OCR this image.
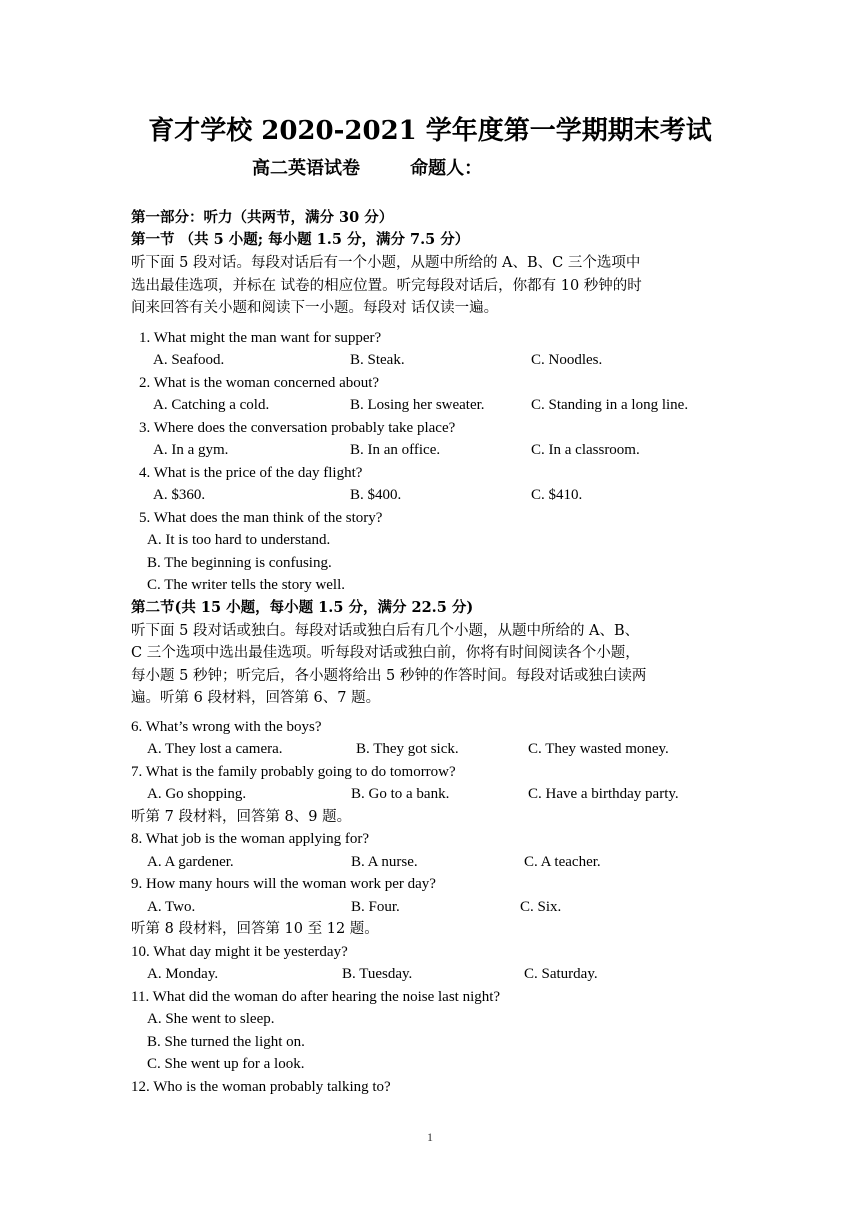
育才学校 2020-2021 学年度第一学期期末考试
高二英语试卷        命题人：
第一部分：听力（共两节，满分 30 分）
第一节 （共 5 小题; 每小题 1.5 分，满分 7.5 分）
听下面 5 段对话。每段对话后有一个小题，从题中所给的 A、B、C 三个选项中
选出最佳选项，并标在 试卷的相应位置。听完每段对话后，你都有 10 秒钟的时
间来回答有关小题和阅读下一小题。每段对 话仅读一遍。
1. What might the man want for supper?
A. Seafood.	B. Steak.	C. Noodles.
2. What is the woman concerned about?
A. Catching a cold.	B. Losing her sweater.	C. Standing in a long line.
3. Where does the conversation probably take place?
A. In a gym.	B. In an office.	C. In a classroom.
4. What is the price of the day flight?
A. $360.	B. $400.	C. $410.
5. What does the man think of the story?
A. It is too hard to understand.
B. The beginning is confusing.
C. The writer tells the story well.
第二节(共 15 小题，每小题 1.5 分，满分 22.5 分)
听下面 5 段对话或独白。每段对话或独白后有几个小题，从题中所给的 A、B、
C 三个选项中选出最佳选项。听每段对话或独白前，你将有时间阅读各个小题，
每小题 5 秒钟；听完后，各小题将给出 5 秒钟的作答时间。每段对话或独白读两
遍。听第 6 段材料，回答第 6、7 题。
6. What’s wrong with the boys?
A. They lost a camera.	B. They got sick.	C. They wasted money.
7. What is the family probably going to do tomorrow?
A. Go shopping.	B. Go to a bank.	C. Have a birthday party.
听第 7 段材料，回答第 8、9 题。
8. What job is the woman applying for?
A. A gardener.	B. A nurse.	C. A teacher.
9. How many hours will the woman work per day?
A. Two.	B. Four.	C. Six.
听第 8 段材料，回答第 10 至 12 题。
10. What day might it be yesterday?
A. Monday.	B. Tuesday.	C. Saturday.
11. What did the woman do after hearing the noise last night?
A. She went to sleep.
B. She turned the light on.
C. She went up for a look.
12. Who is the woman probably talking to?
1
